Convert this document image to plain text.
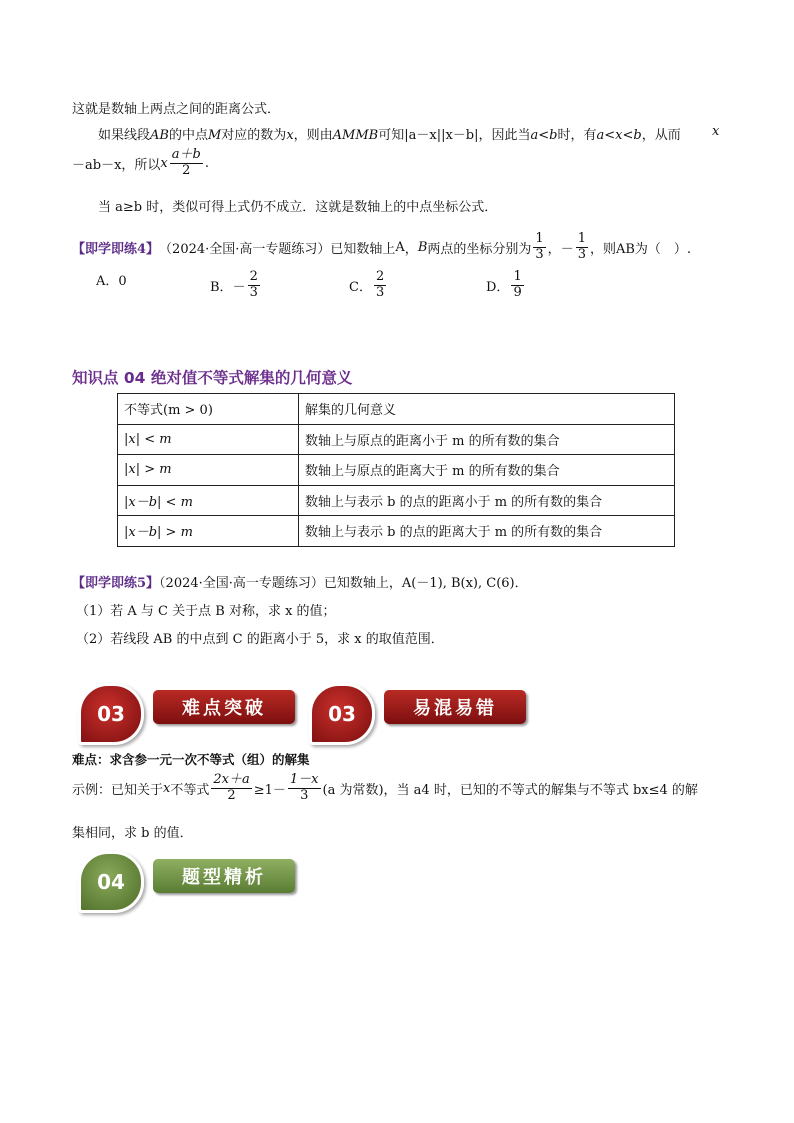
这就是数轴上两点之间的距离公式．
如果线段AB的中点M对应的数为x，则由AMMB可知|a－x||x－b|，因此当a<b时，有a<x<b，从而 x
－ab－x，所以 x $\frac{a+b}{2}$ .
当 a≥b 时，类似可得上式仍不成立．这就是数轴上的中点坐标公式．
【即学即练4】 （2024·全国·高一专题练习）已知数轴上 A ， B 两点的坐标分别为 $\frac{1}{3}$ ， － $\frac{1}{3}$ ，则AB为（　）.
A．0	B． － $\frac{2}{3}$	C． $\frac{2}{3}$	D． $\frac{1}{9}$
知识点 04 绝对值不等式解集的几何意义
不等式(m > 0)	解集的几何意义
|x| < m	数轴上与原点的距离小于 m 的所有数的集合
|x| > m	数轴上与原点的距离大于 m 的所有数的集合
|x－b| < m	数轴上与表示 b 的点的距离小于 m 的所有数的集合
|x－b| > m	数轴上与表示 b 的点的距离大于 m 的所有数的集合
【即学即练5】（2024·全国·高一专题练习）已知数轴上，A(－1), B(x), C(6)．
（1）若 A 与 C 关于点 B 对称，求 x 的值；
（2）若线段 AB 的中点到 C 的距离小于 5，求 x 的取值范围．
03	难点突破	03	易混易错
难点：求含参一元一次不等式（组）的解集
示例：已知关于 x 不等式 $\frac{2x+a}{2} \ge 1- \frac{1-x}{3} (a$ 为常数)，当 a4 时，已知的不等式的解集与不等式 bx≤4 的解
集相同，求 b 的值．
04	题型精析
